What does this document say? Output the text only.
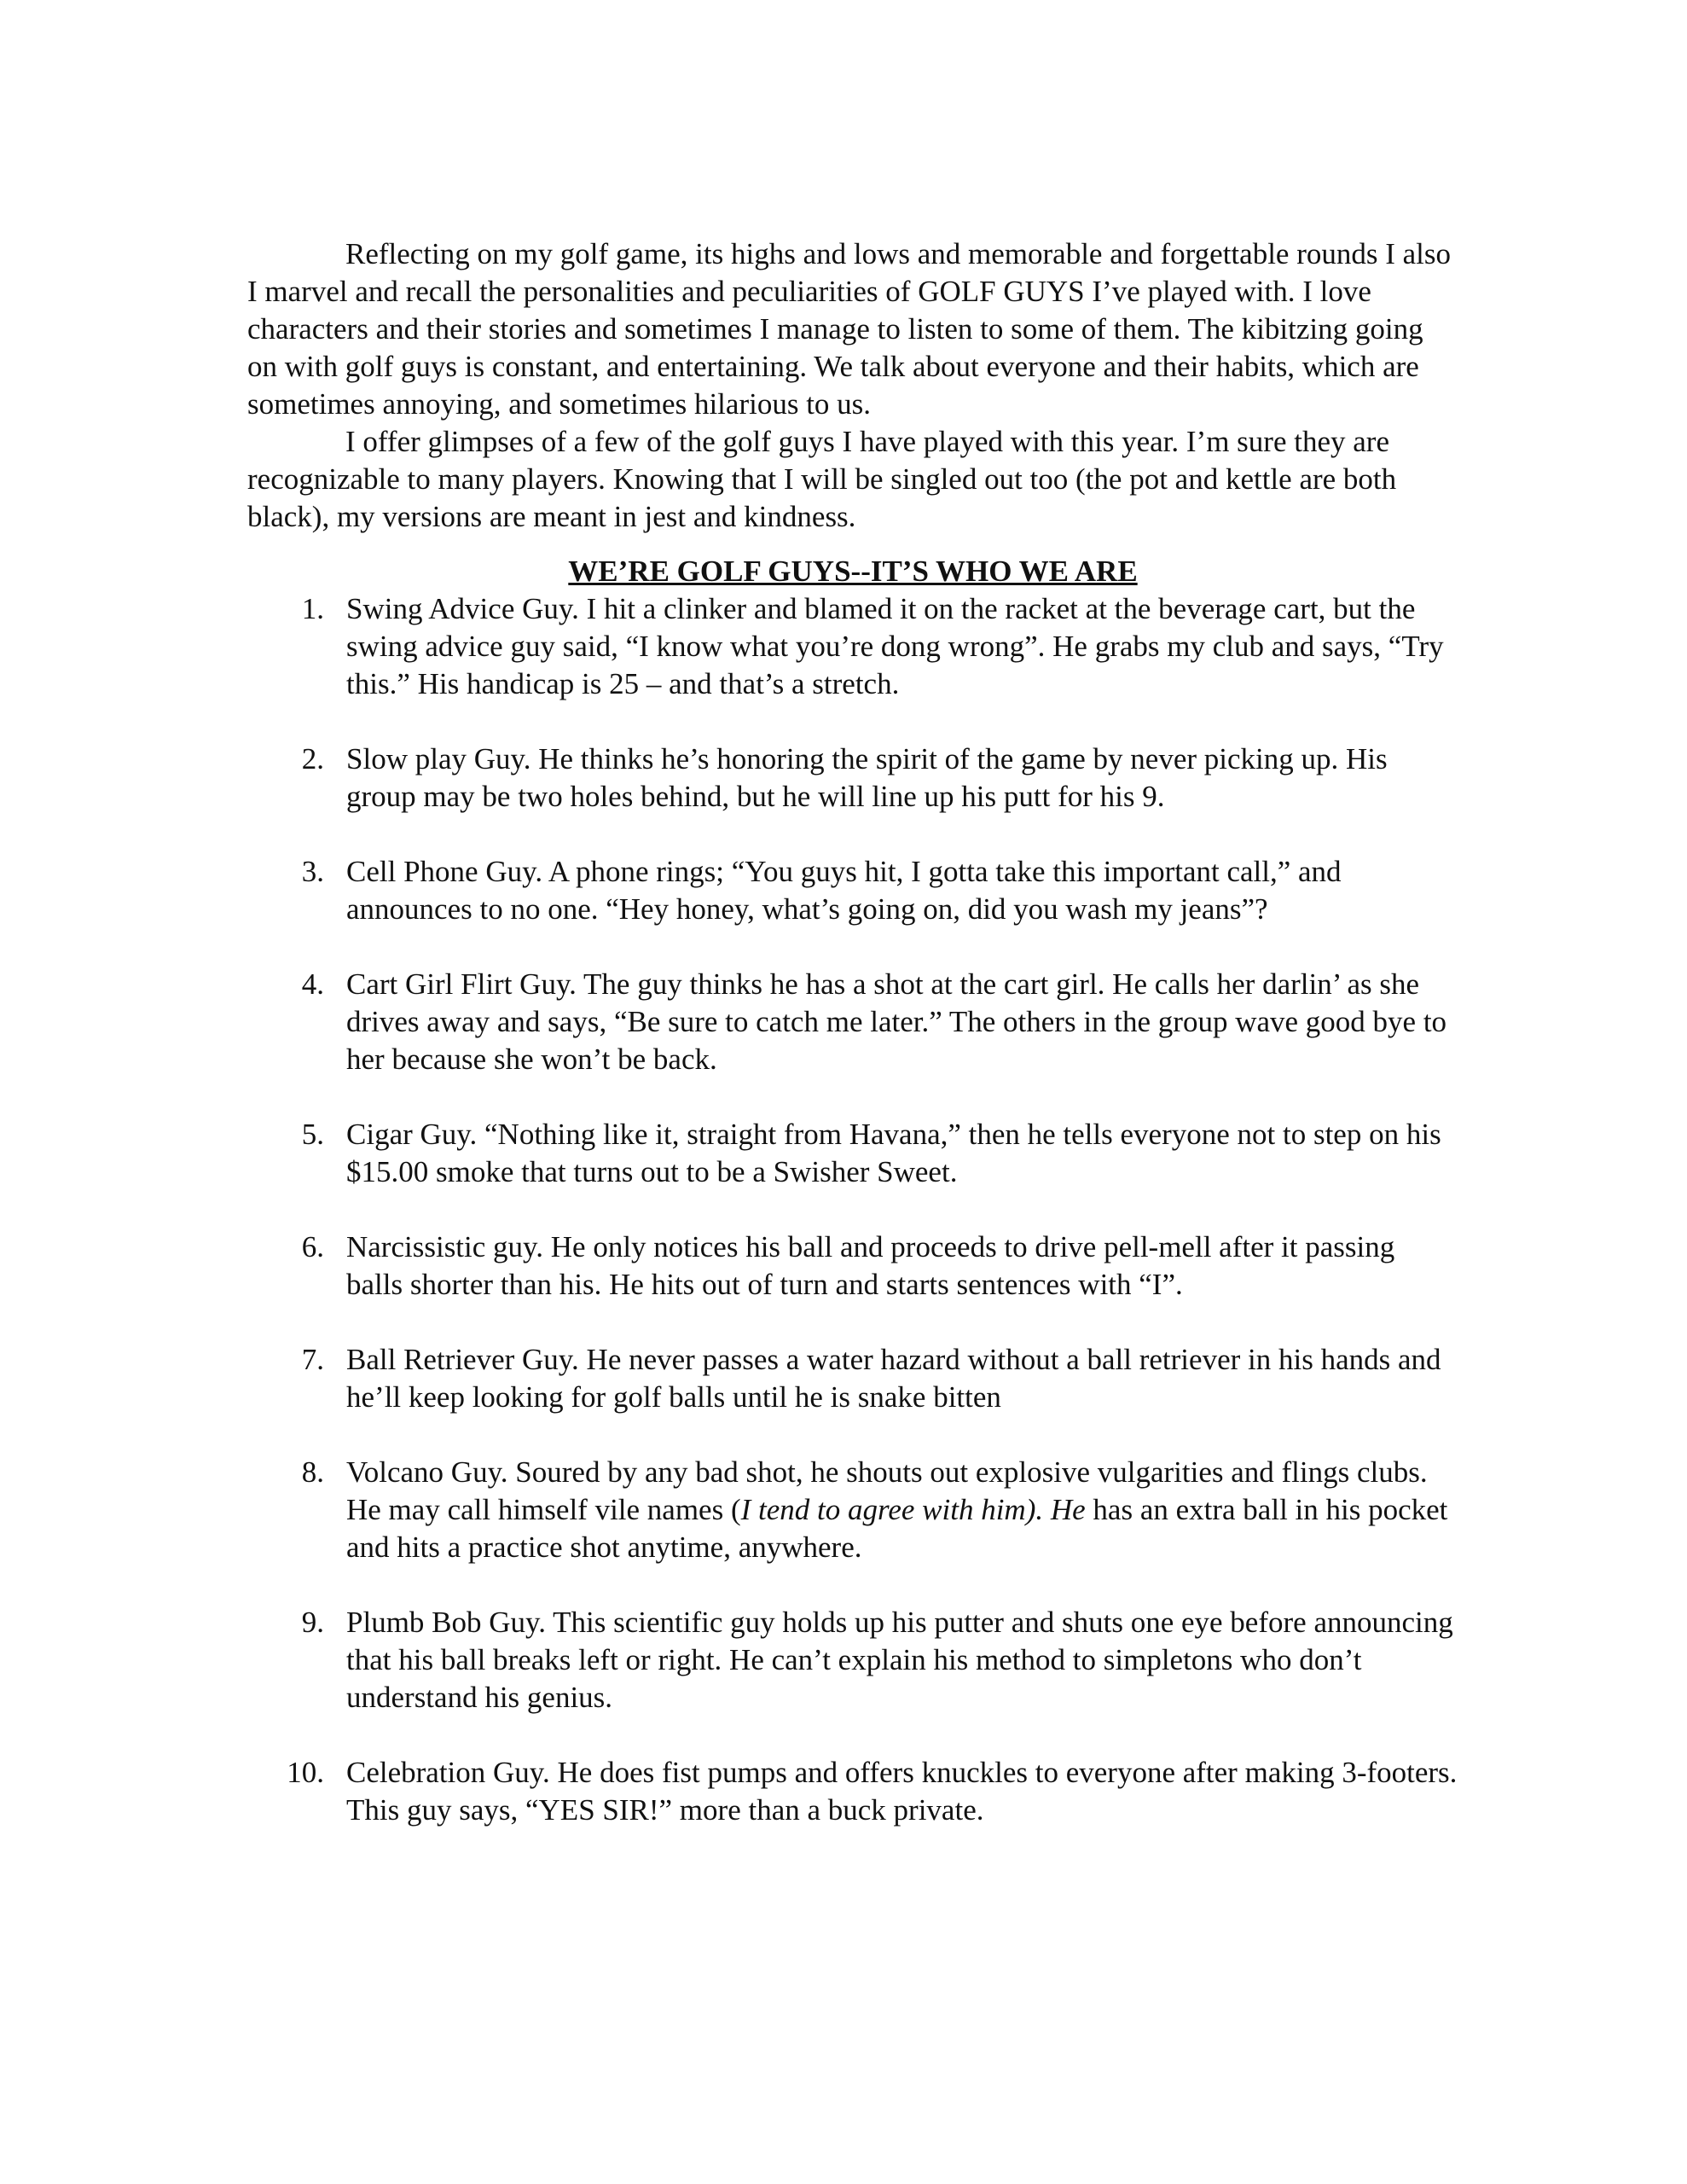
Reflecting on my golf game, its highs and lows and memorable and forgettable rounds I also I marvel and recall the personalities and peculiarities of GOLF GUYS I’ve played with. I love characters and their stories and sometimes I manage to listen to some of them. The kibitzing going on with golf guys is constant, and entertaining. We talk about everyone and their habits, which are sometimes annoying, and sometimes hilarious to us.

I offer glimpses of a few of the golf guys I have played with this year. I’m sure they are recognizable to many players. Knowing that I will be singled out too (the pot and kettle are both black), my versions are meant in jest and kindness.

WE’RE GOLF GUYS--IT’S WHO WE ARE
1. Swing Advice Guy. I hit a clinker and blamed it on the racket at the beverage cart, but the swing advice guy said, “I know what you’re dong wrong”. He grabs my club and says, “Try this.” His handicap is 25 – and that’s a stretch.
2. Slow play Guy. He thinks he’s honoring the spirit of the game by never picking up. His group may be two holes behind, but he will line up his putt for his 9.
3. Cell Phone Guy. A phone rings; “You guys hit, I gotta take this important call,” and announces to no one. “Hey honey, what’s going on, did you wash my jeans”?
4. Cart Girl Flirt Guy. The guy thinks he has a shot at the cart girl. He calls her darlin’ as she drives away and says, “Be sure to catch me later.” The others in the group wave good bye to her because she won’t be back.
5. Cigar Guy. “Nothing like it, straight from Havana,” then he tells everyone not to step on his $15.00 smoke that turns out to be a Swisher Sweet.
6. Narcissistic guy. He only notices his ball and proceeds to drive pell-mell after it passing balls shorter than his. He hits out of turn and starts sentences with “I”.
7. Ball Retriever Guy. He never passes a water hazard without a ball retriever in his hands and he’ll keep looking for golf balls until he is snake bitten
8. Volcano Guy. Soured by any bad shot, he shouts out explosive vulgarities and flings clubs. He may call himself vile names (I tend to agree with him). He has an extra ball in his pocket and hits a practice shot anytime, anywhere.
9. Plumb Bob Guy. This scientific guy holds up his putter and shuts one eye before announcing that his ball breaks left or right. He can’t explain his method to simpletons who don’t understand his genius.
10. Celebration Guy. He does fist pumps and offers knuckles to everyone after making 3-footers. This guy says, “YES SIR!” more than a buck private.
